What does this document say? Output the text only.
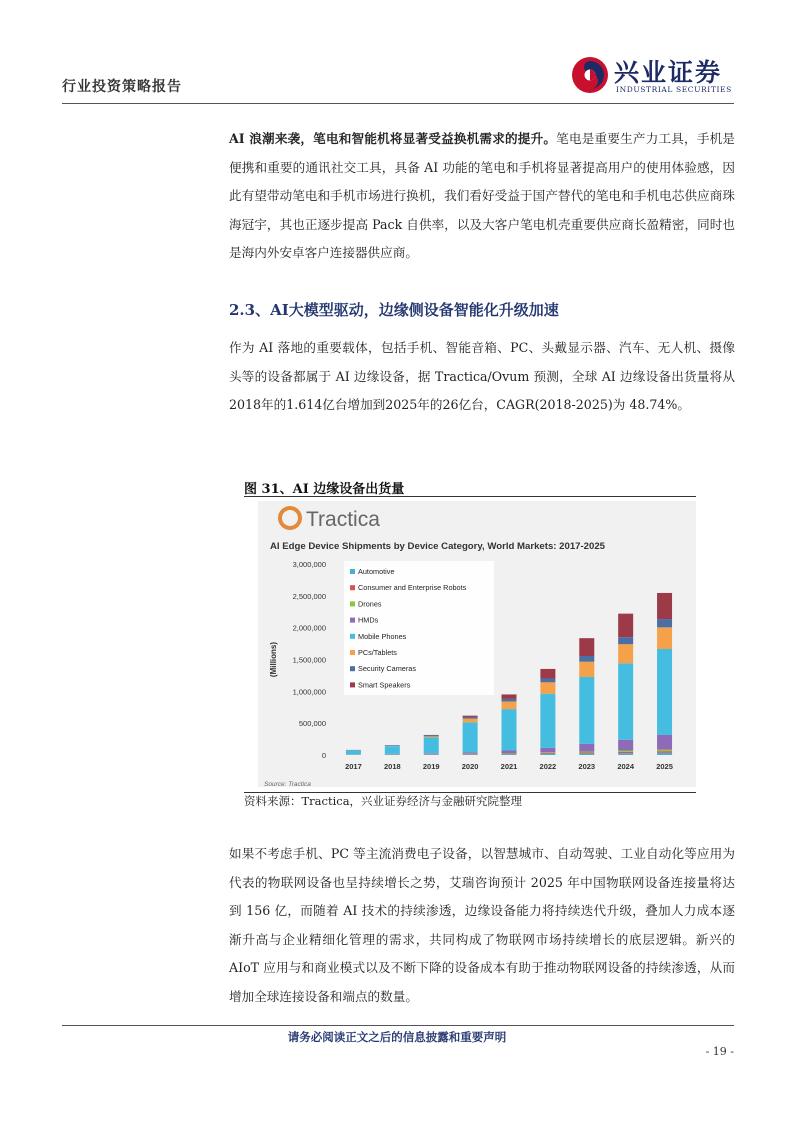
行业投资策略报告	兴业证券
INDUSTRIAL SECURITIES
AI 浪潮来袭，笔电和智能机将显著受益换机需求的提升。笔电是重要生产力工具，手机是便携和重要的通讯社交工具，具备 AI 功能的笔电和手机将显著提高用户的使用体验感，因此有望带动笔电和手机市场进行换机，我们看好受益于国产替代的笔电和手机电芯供应商珠海冠宇，其也正逐步提高 Pack 自供率，以及大客户笔电机壳重要供应商长盈精密，同时也是海内外安卓客户连接器供应商。
2.3、AI大模型驱动，边缘侧设备智能化升级加速
作为 AI 落地的重要载体，包括手机、智能音箱、PC、头戴显示器、汽车、无人机、摄像头等的设备都属于 AI 边缘设备，据 Tractica/Ovum 预测，全球 AI 边缘设备出货量将从2018年的1.614亿台增加到2025年的26亿台，CAGR(2018-2025)为 48.74%。
图 31、AI 边缘设备出货量
Tractica
AI Edge Device Shipments by Device Category, World Markets: 2017-2025
0
500,000
1,000,000
1,500,000
2,000,000
2,500,000
3,000,000
(Millions)
2017	2018	2019	2020	2021	2022	2023	2024	2025
Automotive
Consumer and Enterprise Robots
Drones
HMDs
Mobile Phones
PCs/Tablets
Security Cameras
Smart Speakers
Source: Tractica
资料来源：Tractica，兴业证券经济与金融研究院整理
如果不考虑手机、PC 等主流消费电子设备，以智慧城市、自动驾驶、工业自动化等应用为代表的物联网设备也呈持续增长之势，艾瑞咨询预计 2025 年中国物联网设备连接量将达到 156 亿，而随着 AI 技术的持续渗透，边缘设备能力将持续迭代升级，叠加人力成本逐渐升高与企业精细化管理的需求，共同构成了物联网市场持续增长的底层逻辑。新兴的 AIoT 应用与和商业模式以及不断下降的设备成本有助于推动物联网设备的持续渗透，从而增加全球连接设备和端点的数量。
请务必阅读正文之后的信息披露和重要声明
- 19 -
